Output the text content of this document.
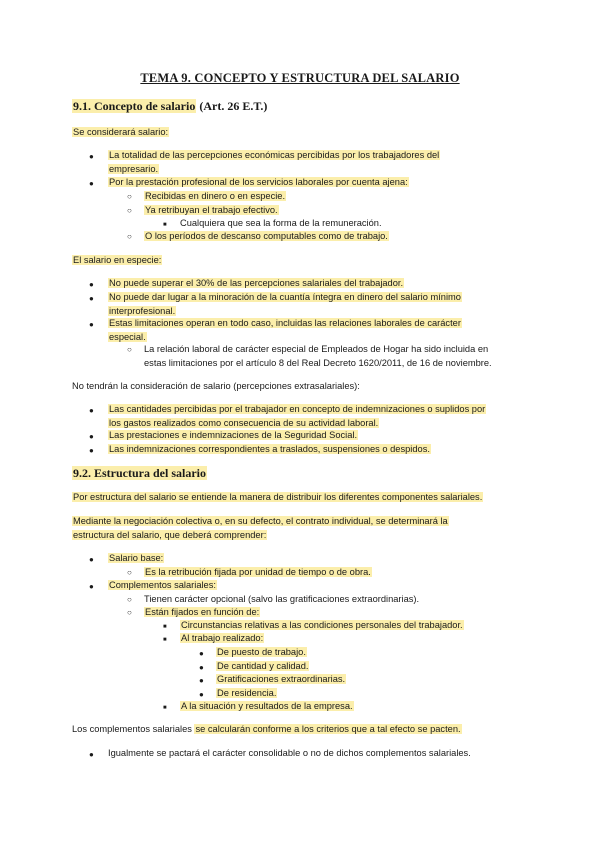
TEMA 9. CONCEPTO Y ESTRUCTURA DEL SALARIO
9.1. Concepto de salario (Art. 26 E.T.)
Se considerará salario:
● La totalidad de las percepciones económicas percibidas por los trabajadores del
empresario.
● Por la prestación profesional de los servicios laborales por cuenta ajena:
○ Recibidas en dinero o en especie.
○ Ya retribuyan el trabajo efectivo.
■ Cualquiera que sea la forma de la remuneración.
○ O los períodos de descanso computables como de trabajo.
El salario en especie:
● No puede superar el 30% de las percepciones salariales del trabajador.
● No puede dar lugar a la minoración de la cuantía íntegra en dinero del salario mínimo
interprofesional.
● Estas limitaciones operan en todo caso, incluidas las relaciones laborales de carácter
especial.
○ La relación laboral de carácter especial de Empleados de Hogar ha sido incluida en
estas limitaciones por el artículo 8 del Real Decreto 1620/2011, de 16 de noviembre.
No tendrán la consideración de salario (percepciones extrasalariales):
● Las cantidades percibidas por el trabajador en concepto de indemnizaciones o suplidos por
los gastos realizados como consecuencia de su actividad laboral.
● Las prestaciones e indemnizaciones de la Seguridad Social.
● Las indemnizaciones correspondientes a traslados, suspensiones o despidos.
9.2. Estructura del salario
Por estructura del salario se entiende la manera de distribuir los diferentes componentes salariales.
Mediante la negociación colectiva o, en su defecto, el contrato individual, se determinará la
estructura del salario, que deberá comprender:
● Salario base:
○ Es la retribución fijada por unidad de tiempo o de obra.
● Complementos salariales:
○ Tienen carácter opcional (salvo las gratificaciones extraordinarias).
○ Están fijados en función de:
■ Circunstancias relativas a las condiciones personales del trabajador.
■ Al trabajo realizado:
● De puesto de trabajo.
● De cantidad y calidad.
● Gratificaciones extraordinarias.
● De residencia.
■ A la situación y resultados de la empresa.
Los complementos salariales se calcularán conforme a los criterios que a tal efecto se pacten.
● Igualmente se pactará el carácter consolidable o no de dichos complementos salariales.
